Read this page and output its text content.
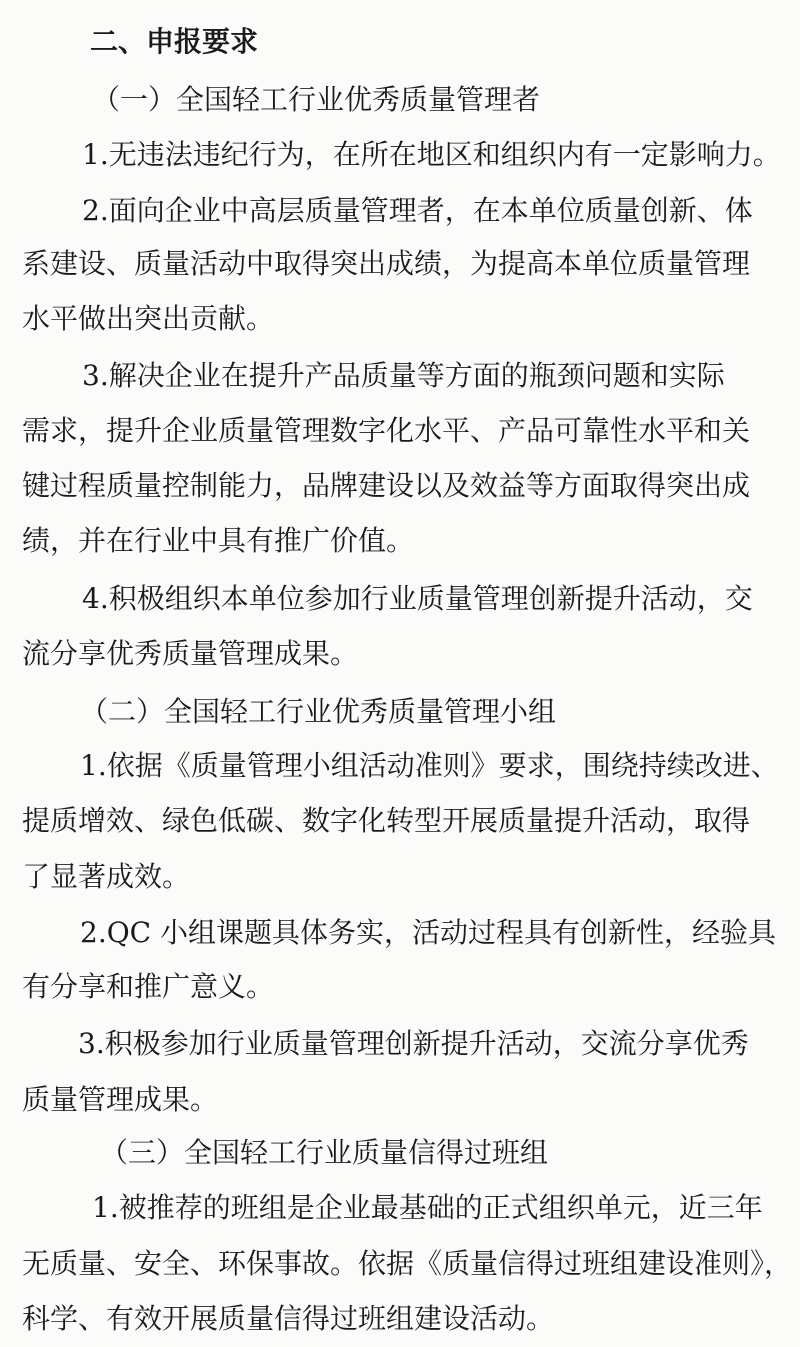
二、申报要求
（一）全国轻工行业优秀质量管理者
1.无违法违纪行为，在所在地区和组织内有一定影响力。
2.面向企业中高层质量管理者，在本单位质量创新、体
系建设、质量活动中取得突出成绩，为提高本单位质量管理
水平做出突出贡献。
3.解决企业在提升产品质量等方面的瓶颈问题和实际
需求，提升企业质量管理数字化水平、产品可靠性水平和关
键过程质量控制能力，品牌建设以及效益等方面取得突出成
绩，并在行业中具有推广价值。
4.积极组织本单位参加行业质量管理创新提升活动，交
流分享优秀质量管理成果。
（二）全国轻工行业优秀质量管理小组
1.依据《质量管理小组活动准则》要求，围绕持续改进、
提质增效、绿色低碳、数字化转型开展质量提升活动，取得
了显著成效。
2.QC 小组课题具体务实，活动过程具有创新性，经验具
有分享和推广意义。
3.积极参加行业质量管理创新提升活动，交流分享优秀
质量管理成果。
（三）全国轻工行业质量信得过班组
1.被推荐的班组是企业最基础的正式组织单元，近三年
无质量、安全、环保事故。依据《质量信得过班组建设准则》，
科学、有效开展质量信得过班组建设活动。
